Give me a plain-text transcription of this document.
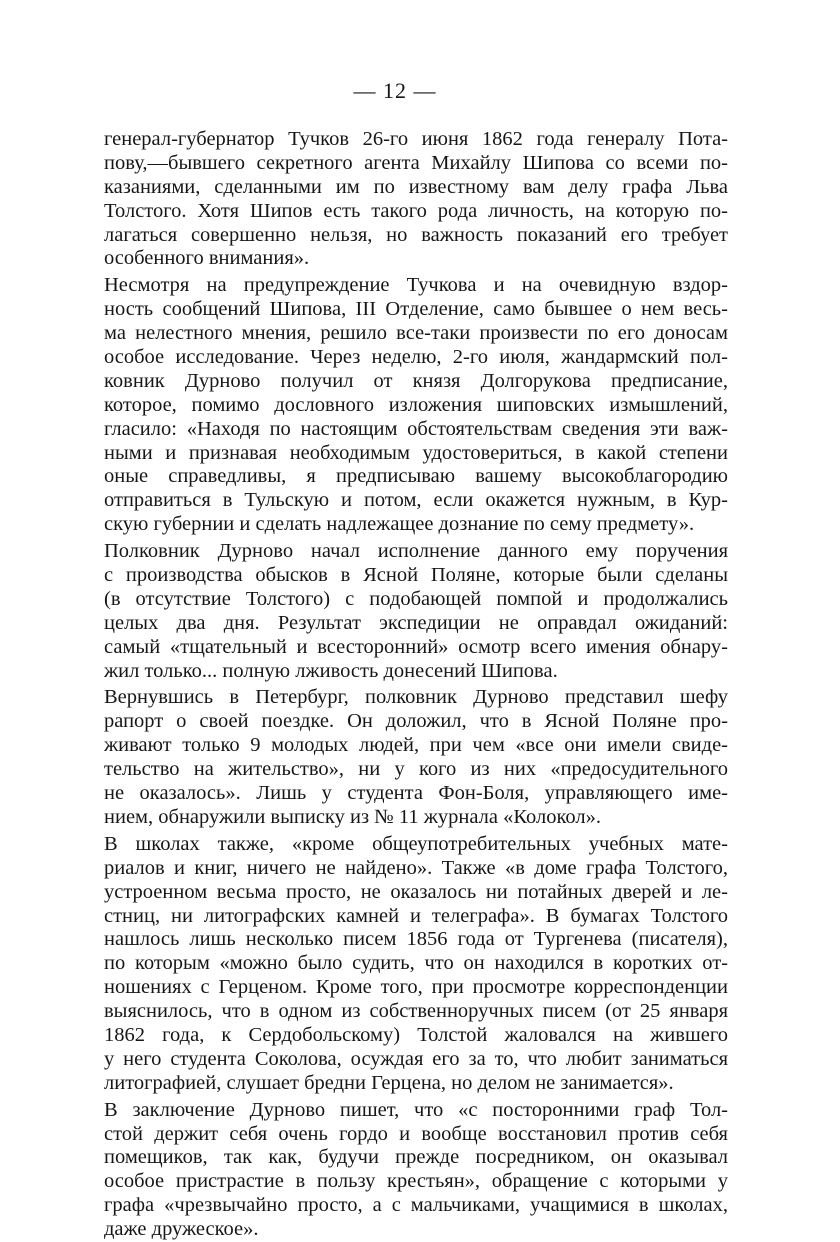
— 12 —
генерал-губернатор Тучков 26-го июня 1862 года генералу Пота-
пову,—бывшего секретного агента Михайлу Шипова со всеми по-
казаниями, сделанными им по известному вам делу графа Льва
Толстого. Хотя Шипов есть такого рода личность, на которую по-
лагаться совершенно нельзя, но важность показаний его требует
особенного внимания».
Несмотря на предупреждение Тучкова и на очевидную вздор-
ность сообщений Шипова, III Отделение, само бывшее о нем весь-
ма нелестного мнения, решило все-таки произвести по его доносам
особое исследование. Через неделю, 2-го июля, жандармский пол-
ковник Дурново получил от князя Долгорукова предписание,
которое, помимо дословного изложения шиповских измышлений,
гласило: «Находя по настоящим обстоятельствам сведения эти важ-
ными и признавая необходимым удостовериться, в какой степени
оные справедливы, я предписываю вашему высокоблагородию
отправиться в Тульскую и потом, если окажется нужным, в Кур-
скую губернии и сделать надлежащее дознание по сему предмету».
Полковник Дурново начал исполнение данного ему поручения
с производства обысков в Ясной Поляне, которые были сделаны
(в отсутствие Толстого) с подобающей помпой и продолжались
целых два дня. Результат экспедиции не оправдал ожиданий:
самый «тщательный и всесторонний» осмотр всего имения обнару-
жил только... полную лживость донесений Шипова.
Вернувшись в Петербург, полковник Дурново представил шефу
рапорт о своей поездке. Он доложил, что в Ясной Поляне про-
живают только 9 молодых людей, при чем «все они имели свиде-
тельство на жительство», ни у кого из них «предосудительного
не оказалось». Лишь у студента Фон-Боля, управляющего име-
нием, обнаружили выписку из № 11 журнала «Колокол».
В школах также, «кроме общеупотребительных учебных мате-
риалов и книг, ничего не найдено». Также «в доме графа Толстого,
устроенном весьма просто, не оказалось ни потайных дверей и ле-
стниц, ни литографских камней и телеграфа». В бумагах Толстого
нашлось лишь несколько писем 1856 года от Тургенева (писателя),
по которым «можно было судить, что он находился в коротких от-
ношениях с Герценом. Кроме того, при просмотре корреспонденции
выяснилось, что в одном из собственноручных писем (от 25 января
1862 года, к Сердобольскому) Толстой жаловался на жившего
у него студента Соколова, осуждая его за то, что любит заниматься
литографией, слушает бредни Герцена, но делом не занимается».
В заключение Дурново пишет, что «с посторонними граф Тол-
стой держит себя очень гордо и вообще восстановил против себя
помещиков, так как, будучи прежде посредником, он оказывал
особое пристрастие в пользу крестьян», обращение с которыми у
графа «чрезвычайно просто, а с мальчиками, учащимися в школах,
даже дружеское».
